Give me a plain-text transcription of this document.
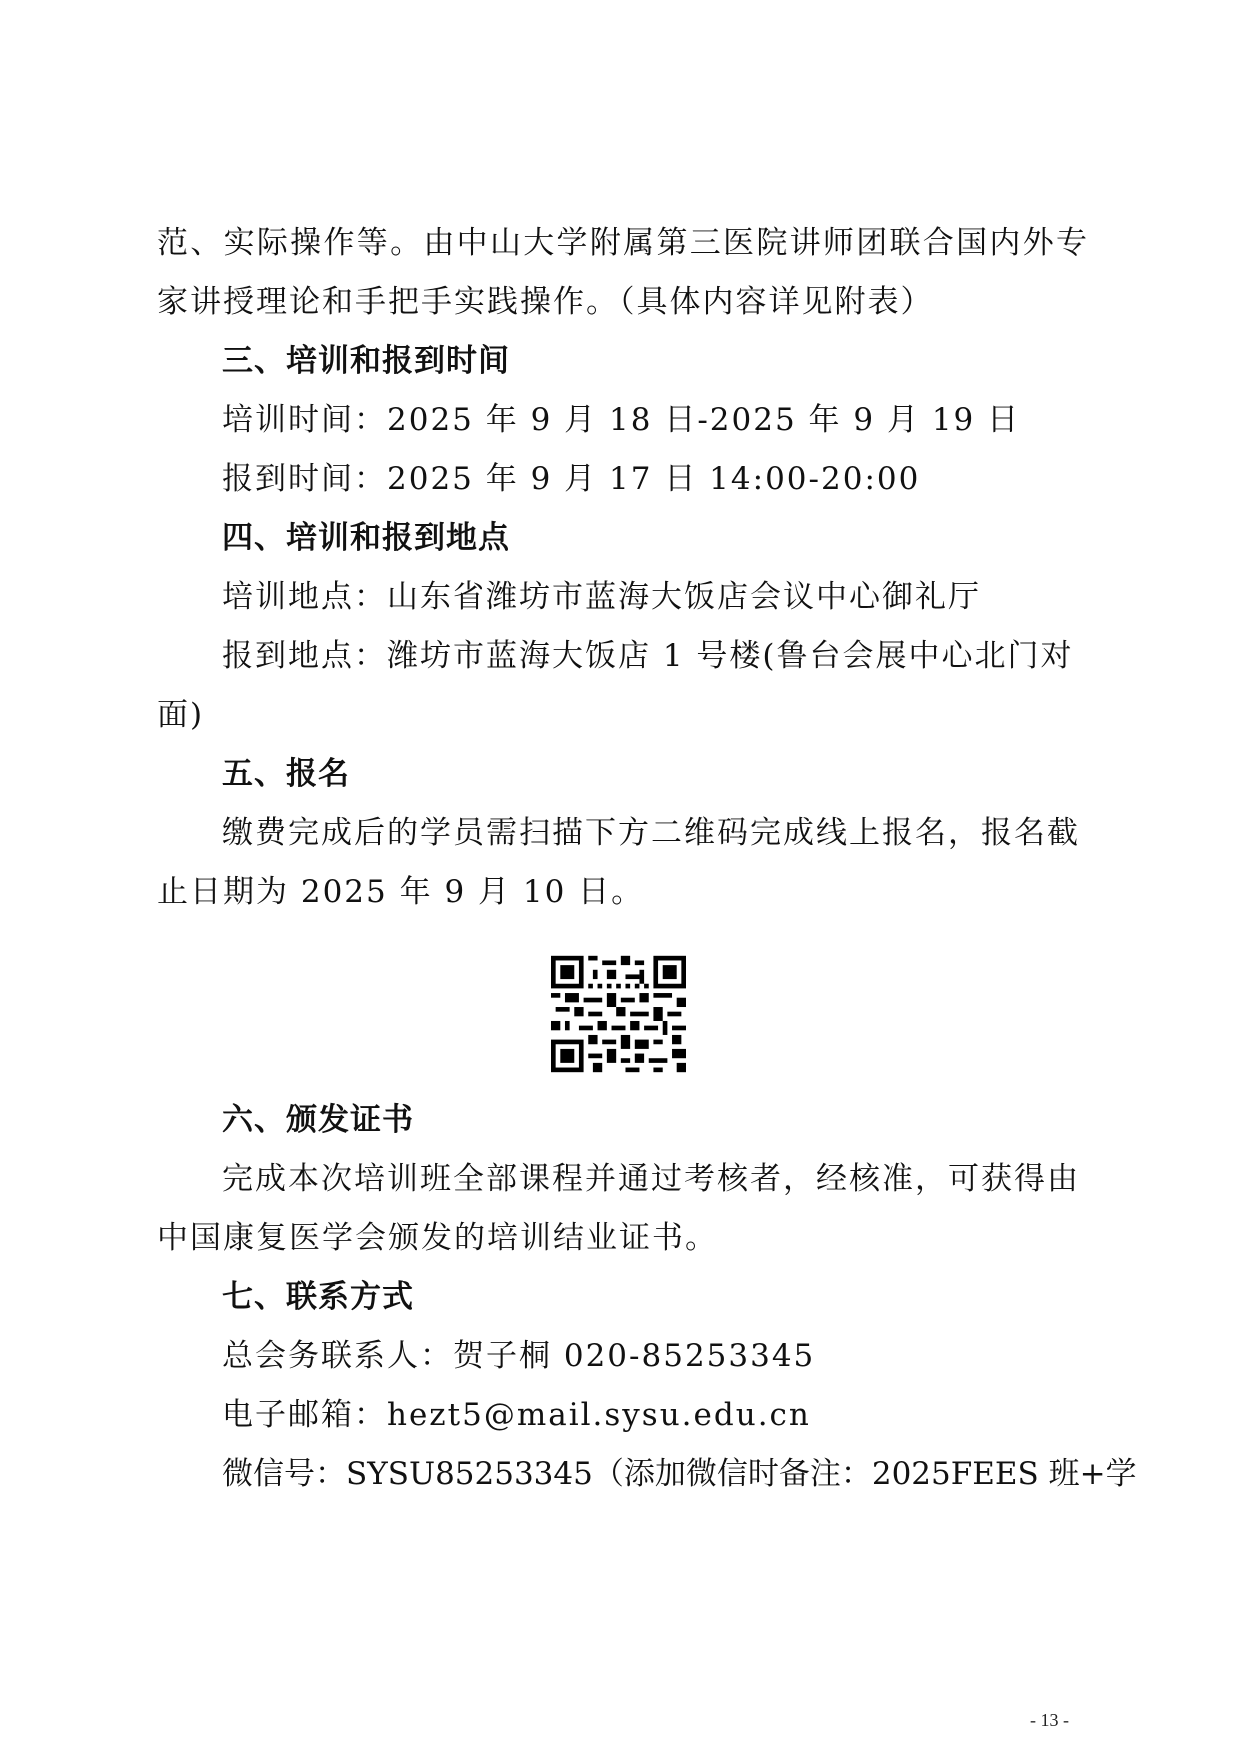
范、实际操作等。由中山大学附属第三医院讲师团联合国内外专
家讲授理论和手把手实践操作。（具体内容详见附表）
三、培训和报到时间
培训时间：2025 年 9 月 18 日-2025 年 9 月 19 日
报到时间：2025 年 9 月 17 日 14:00-20:00
四、培训和报到地点
培训地点：山东省潍坊市蓝海大饭店会议中心御礼厅
报到地点：潍坊市蓝海大饭店 1 号楼(鲁台会展中心北门对
面)
五、报名
缴费完成后的学员需扫描下方二维码完成线上报名，报名截
止日期为 2025 年 9 月 10 日。
六、颁发证书
完成本次培训班全部课程并通过考核者，经核准，可获得由
中国康复医学会颁发的培训结业证书。
七、联系方式
总会务联系人：贺子桐 020-85253345
电子邮箱：hezt5@mail.sysu.edu.cn
微信号：SYSU85253345（添加微信时备注：2025FEES 班+学
- 13 -
